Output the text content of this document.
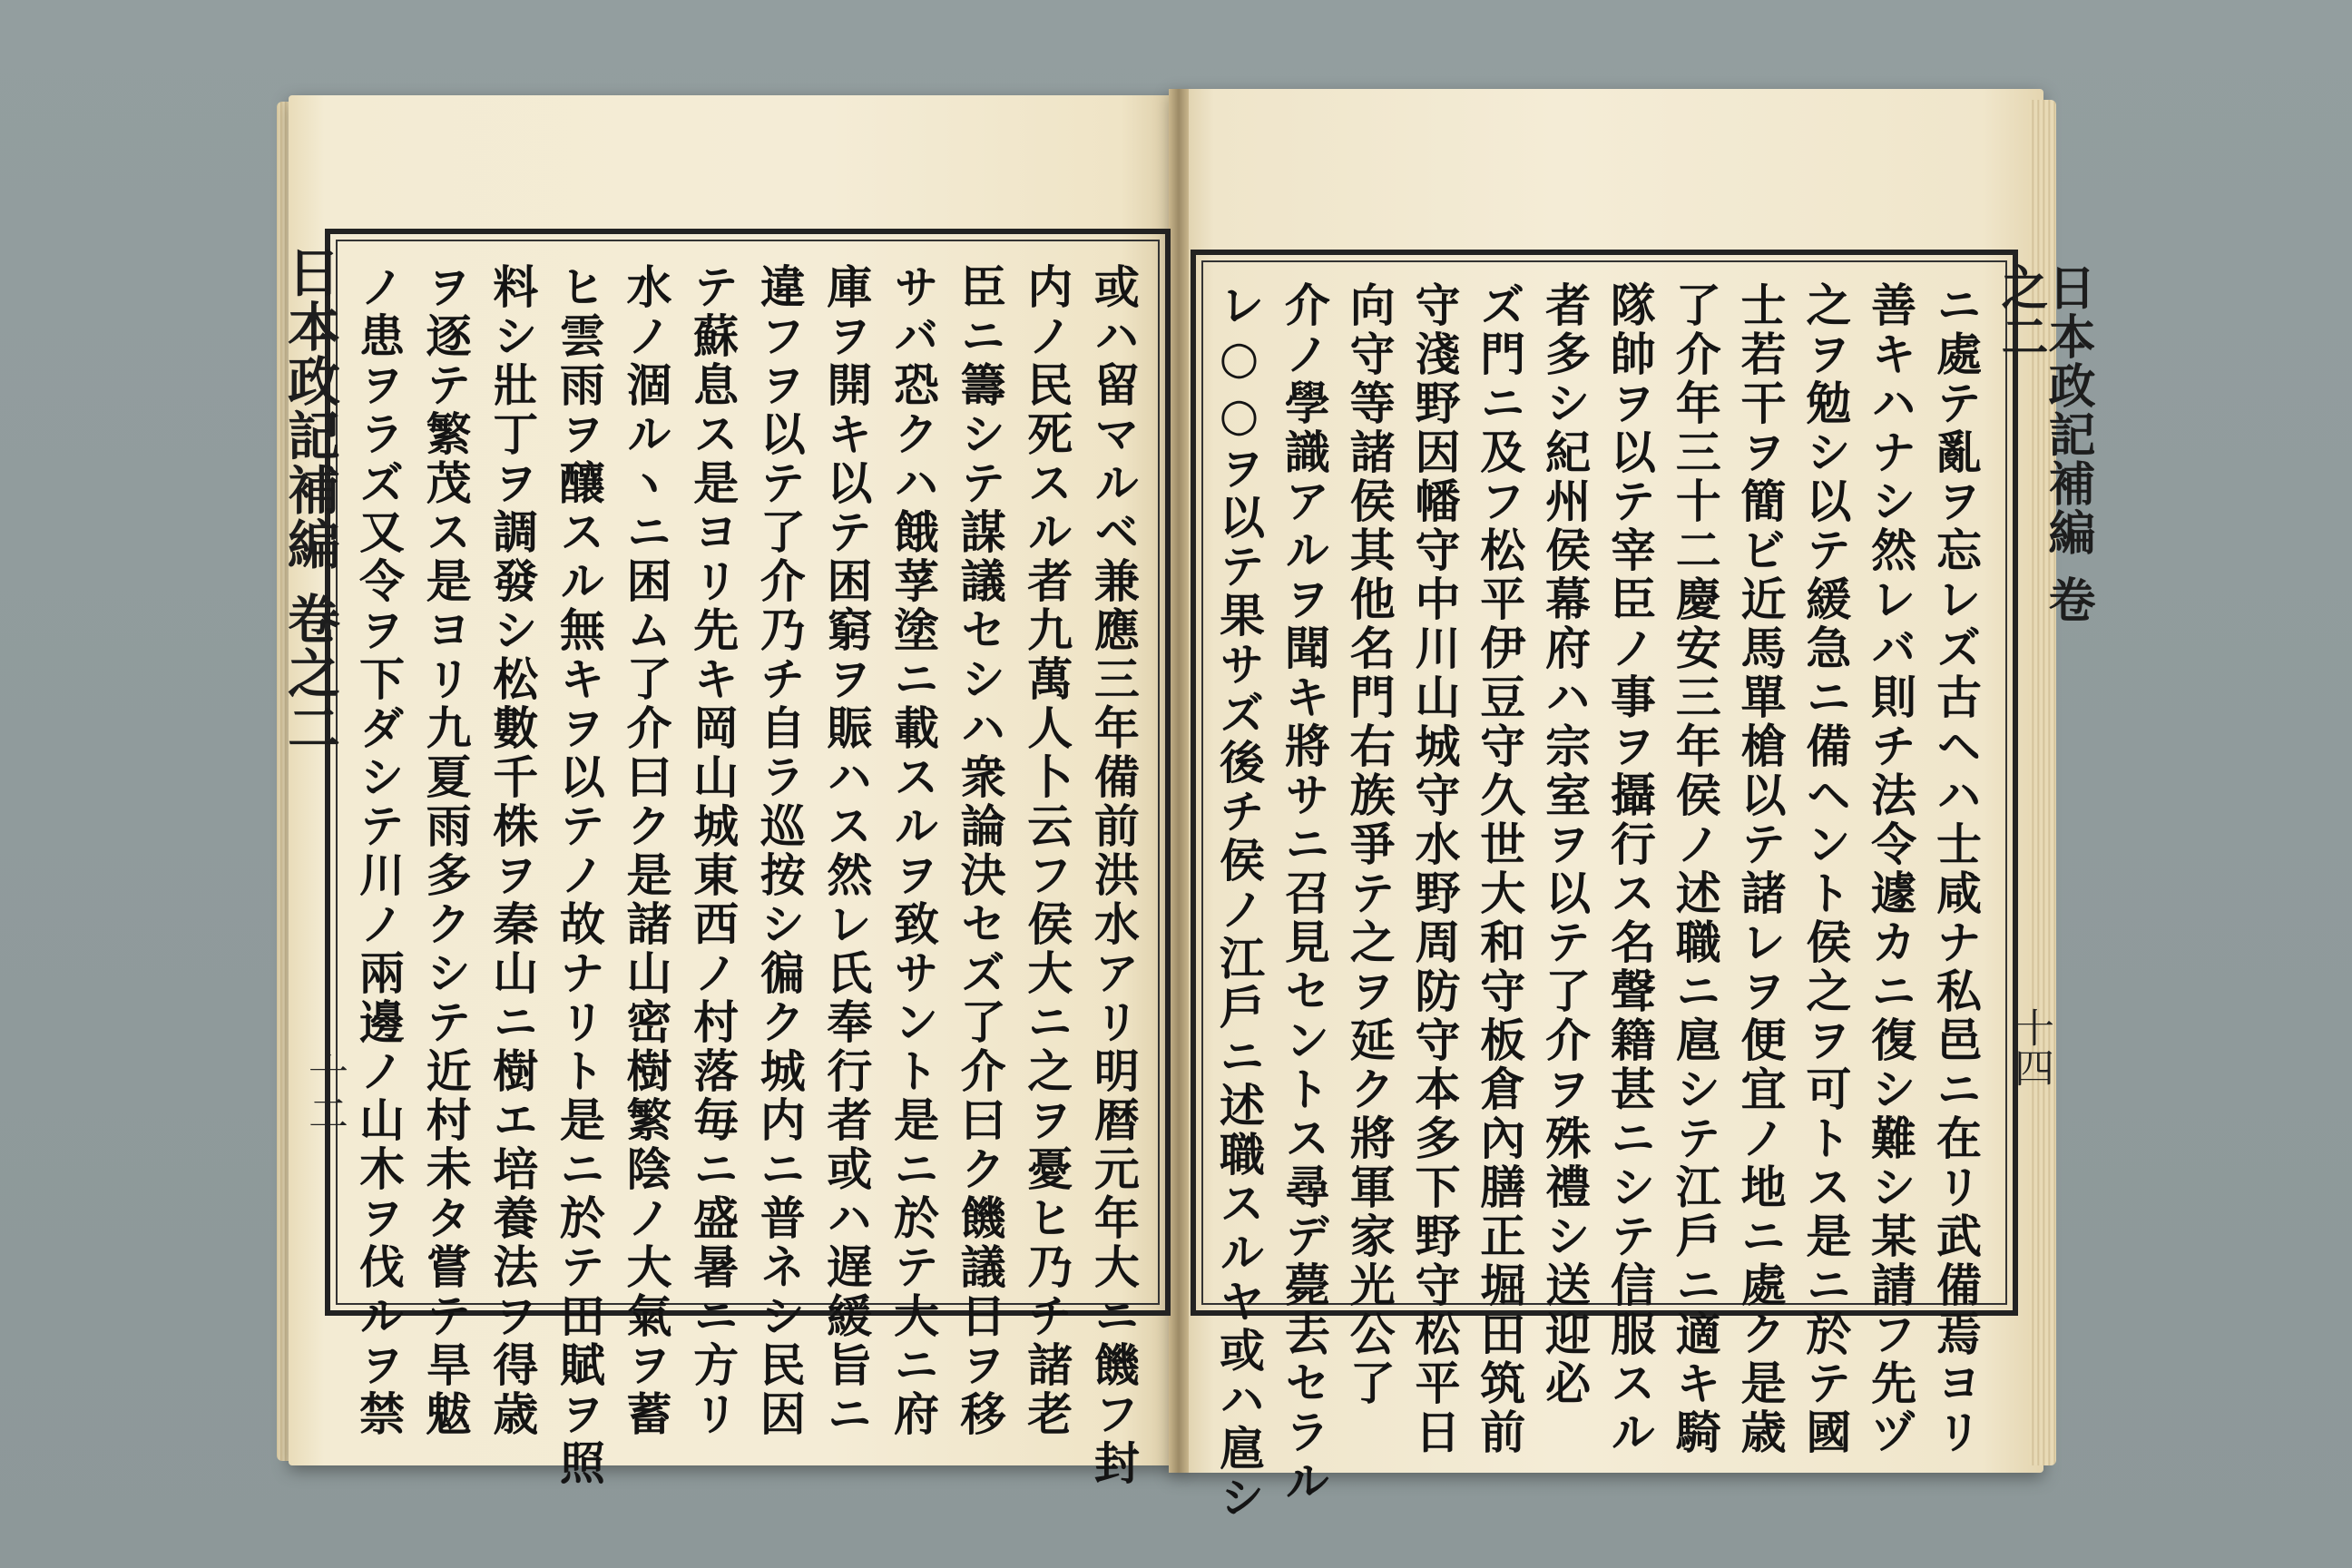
日本政記補編 卷之二
十二
日本政記補編 卷之二
十四
或ハ留マルベ兼應三年備前洪水アリ明暦元年大ニ饑フ封
内ノ民死スル者九萬人卜云フ侯大ニ之ヲ憂ヒ乃チ諸老
臣ニ籌シテ謀議セシハ衆論決セズ了介曰ク饑議日ヲ移
サバ恐クハ餓莩塗ニ載スルヲ致サント是ニ於テ大ニ府
庫ヲ開キ以テ困窮ヲ賑ハス然レ氏奉行者或ハ遅緩旨ニ
違フヲ以テ了介乃チ自ラ巡按シ徧ク城内ニ普ネシ民因
テ蘇息ス是ヨリ先キ岡山城東西ノ村落毎ニ盛暑ニ方リ
水ノ涸ルヽニ困ム了介曰ク是諸山密樹繁陰ノ大氣ヲ蓄
ヒ雲雨ヲ釀スル無キヲ以テノ故ナリト是ニ於テ田賦ヲ照
料シ壯丁ヲ調發シ松數千株ヲ秦山ニ樹エ培養法ヲ得歳
ヲ逐テ繁茂ス是ヨリ九夏雨多クシテ近村未タ嘗テ旱魃
ノ患ヲラズ又令ヲ下ダシテ川ノ兩邊ノ山木ヲ伐ルヲ禁	ニ處テ亂ヲ忘レズ古ヘハ士咸ナ私邑ニ在リ武備焉ヨリ
善キハナシ然レバ則チ法令遽カニ復シ難シ某請フ先ヅ
之ヲ勉シ以テ緩急ニ備ヘント侯之ヲ可トス是ニ於テ國
士若干ヲ簡ビ近馬單槍以テ諸レヲ便宜ノ地ニ處ク是歳
了介年三十二慶安三年侯ノ述職ニ扈シテ江戶ニ適キ騎
隊帥ヲ以テ宰臣ノ事ヲ攝行ス名聲籍甚ニシテ信服スル
者多シ紀州侯幕府ハ宗室ヲ以テ了介ヲ殊禮シ送迎必
ズ門ニ及フ松平伊豆守久世大和守板倉內膳正堀田筑前
守淺野因幡守中川山城守水野周防守本多下野守松平日
向守等諸侯其他名門右族爭テ之ヲ延ク將軍家光公了
介ノ學識アルヲ聞キ將サニ召見セントス尋デ薨去セラル
レ○○ヲ以テ果サズ後チ侯ノ江戶ニ述職スルヤ或ハ扈シ
